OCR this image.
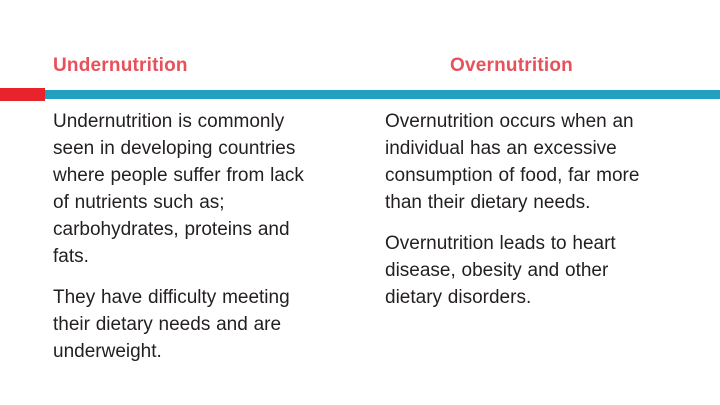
Undernutrition	Overnutrition

Undernutrition is commonly seen in developing countries where people suffer from lack of nutrients such as; carbohydrates, proteins and fats.

They have difficulty meeting their dietary needs and are underweight.

Overnutrition occurs when an individual has an excessive consumption of food, far more than their dietary needs.

Overnutrition leads to heart disease, obesity and other dietary disorders.
